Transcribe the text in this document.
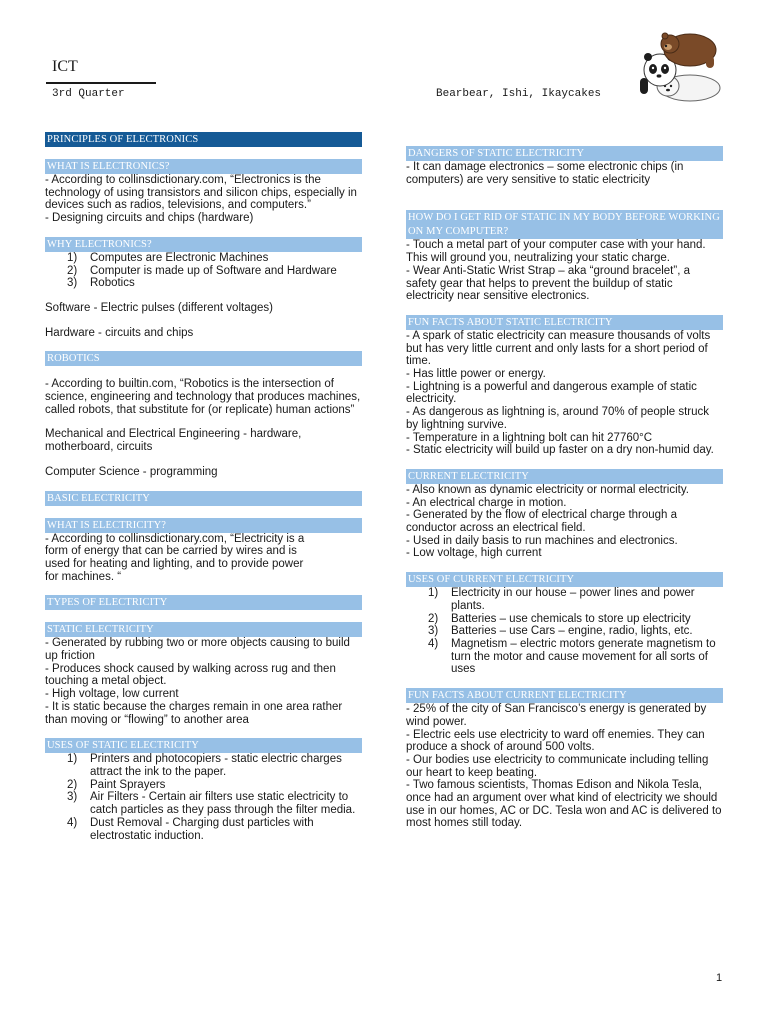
ICT
3rd Quarter	Bearbear, Ishi, Ikaycakes
PRINCIPLES OF ELECTRONICS
WHAT IS ELECTRONICS?

- According to collinsdictionary.com, “Electronics is the technology of using transistors and silicon chips, especially in devices such as radios, televisions, and computers.”

- Designing circuits and chips (hardware)

WHY ELECTRONICS?
1) Computes are Electronic Machines
2) Computer is made up of Software and Hardware
3) Robotics

Software - Electric pulses (different voltages)

Hardware - circuits and chips

ROBOTICS

- According to builtin.com, “Robotics is the intersection of science, engineering and technology that produces machines, called robots, that substitute for (or replicate) human actions”

Mechanical and Electrical Engineering - hardware, motherboard, circuits

Computer Science - programming

BASIC ELECTRICITY
WHAT IS ELECTRICITY?

- According to collinsdictionary.com, “Electricity is a

form of energy that can be carried by wires and is

used for heating and lighting, and to provide power

for machines. “

TYPES OF ELECTRICITY
STATIC ELECTRICITY

- Generated by rubbing two or more objects causing to build up friction

- Produces shock caused by walking across rug and then touching a metal object.

- High voltage, low current

- It is static because the charges remain in one area rather than moving or “flowing” to another area

USES OF STATIC ELECTRICITY
1) Printers and photocopiers - static electric charges attract the ink to the paper.
2) Paint Sprayers
3) Air Filters - Certain air filters use static electricity to catch particles as they pass through the filter media.
4) Dust Removal - Charging dust particles with electrostatic induction.
DANGERS OF STATIC ELECTRICITY

- It can damage electronics – some electronic chips (in computers) are very sensitive to static electricity

HOW DO I GET RID OF STATIC IN MY BODY BEFORE WORKING ON MY COMPUTER?

- Touch a metal part of your computer case with your hand. This will ground you, neutralizing your static charge.

- Wear Anti-Static Wrist Strap – aka “ground bracelet”, a safety gear that helps to prevent the buildup of static electricity near sensitive electronics.

FUN FACTS ABOUT STATIC ELECTRICITY

- A spark of static electricity can measure thousands of volts but has very little current and only lasts for a short period of time.

- Has little power or energy.

- Lightning is a powerful and dangerous example of static electricity.

- As dangerous as lightning is, around 70% of people struck by lightning survive.

- Temperature in a lightning bolt can hit 27760°C

- Static electricity will build up faster on a dry non-humid day.

CURRENT ELECTRICITY

- Also known as dynamic electricity or normal electricity.

- An electrical charge in motion.

- Generated by the flow of electrical charge through a conductor across an electrical field.

- Used in daily basis to run machines and electronics.

- Low voltage, high current

USES OF CURRENT ELECTRICITY
1) Electricity in our house – power lines and power plants.
2) Batteries – use chemicals to store up electricity
3) Batteries – use Cars – engine, radio, lights, etc.
4) Magnetism – electric motors generate magnetism to turn the motor and cause movement for all sorts of uses
FUN FACTS ABOUT CURRENT ELECTRICITY

- 25% of the city of San Francisco’s energy is generated by wind power.

- Electric eels use electricity to ward off enemies. They can produce a shock of around 500 volts.

- Our bodies use electricity to communicate including telling our heart to keep beating.

- Two famous scientists, Thomas Edison and Nikola Tesla, once had an argument over what kind of electricity we should use in our homes, AC or DC. Tesla won and AC is delivered to most homes still today.

1
